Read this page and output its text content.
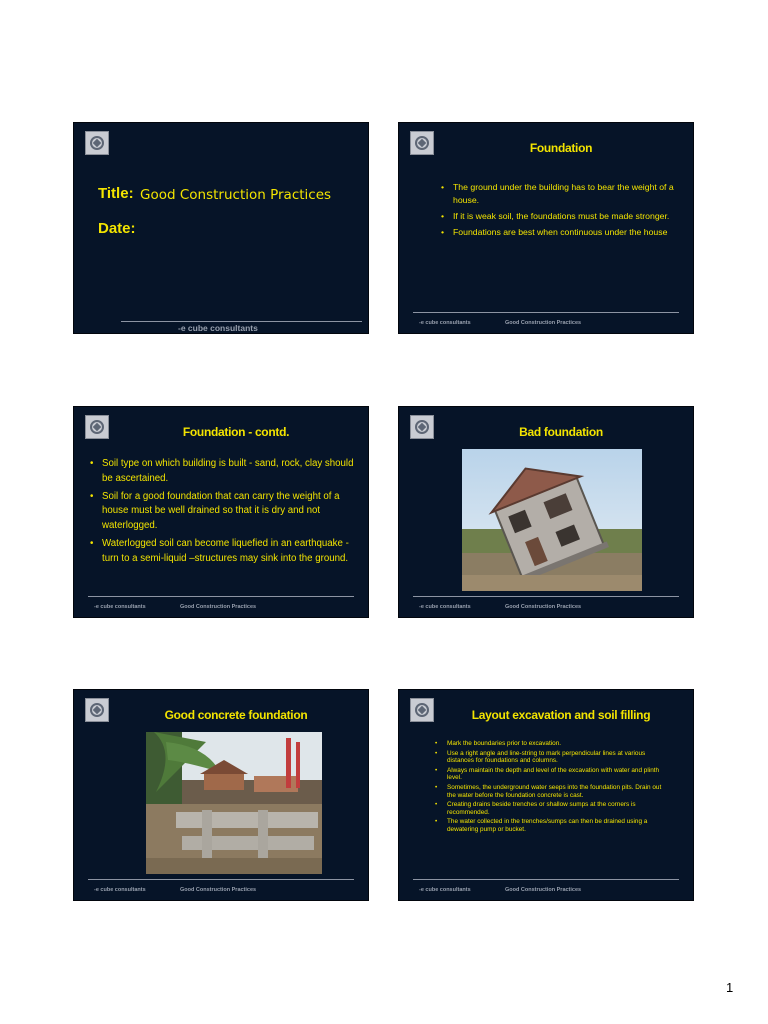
Title: Good Construction Practices
Date:
-e cube consultants
Foundation
• The ground under the building has to bear the weight of a house.
• If it is weak soil, the foundations must be made stronger.
• Foundations are best when continuous under the house
-e cube consultants	Good Construction Practices
Foundation - contd.
• Soil type on which building is built - sand, rock, clay should be ascertained.
• Soil for a good foundation that can carry the weight of a house must be well drained so that it is dry and not waterlogged.
• Waterlogged soil can become liquefied in an earthquake - turn to a semi-liquid –structures may sink into the ground.
-e cube consultants	Good Construction Practices
Bad foundation
-e cube consultants	Good Construction Practices
Good concrete foundation
-e cube consultants	Good Construction Practices
Layout excavation and soil filling
• Mark the boundaries prior to excavation.
• Use a right angle and line-string to mark perpendicular lines at various distances for foundations and columns.
• Always maintain the depth and level of the excavation with water and plinth level.
• Sometimes, the underground water seeps into the foundation pits. Drain out the water before the foundation concrete is cast.
• Creating drains beside trenches or shallow sumps at the corners is recommended.
• The water collected in the trenches/sumps can then be drained using a dewatering pump or bucket.
-e cube consultants	Good Construction Practices
1
